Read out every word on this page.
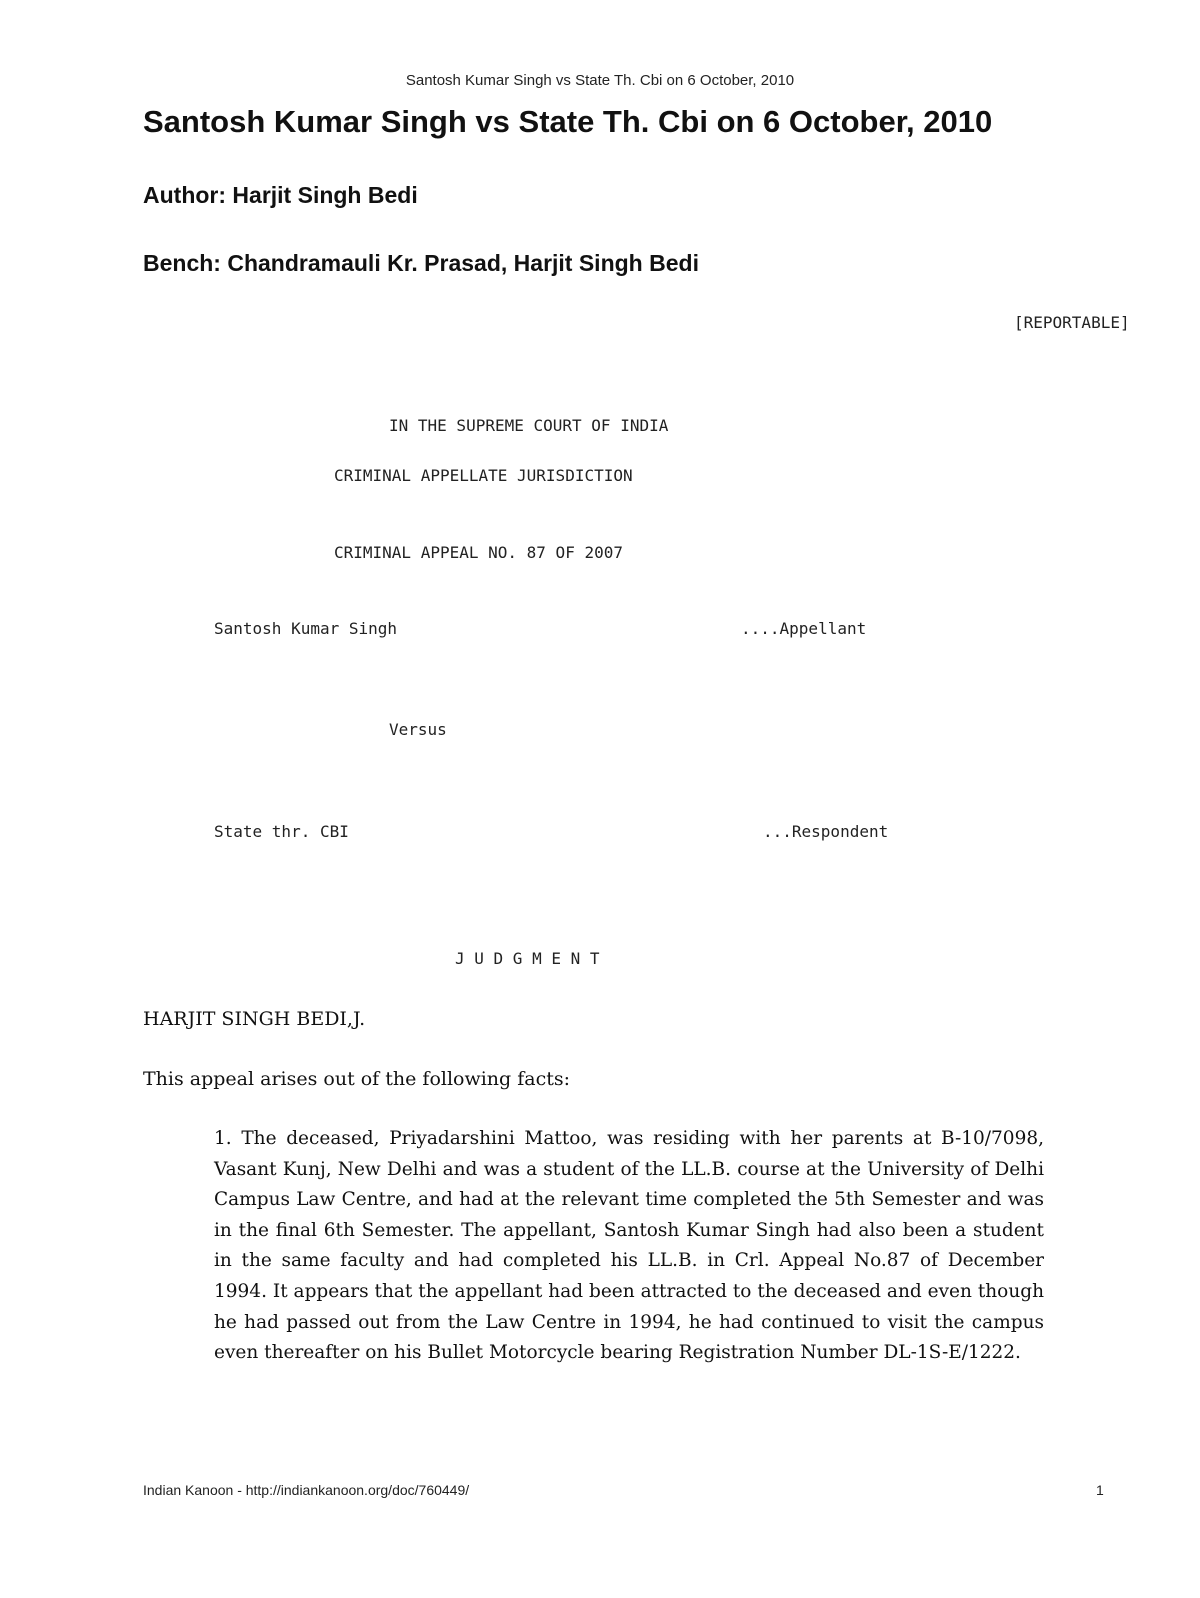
Santosh Kumar Singh vs State Th. Cbi on 6 October, 2010
Santosh Kumar Singh vs State Th. Cbi on 6 October, 2010
Author: Harjit Singh Bedi
Bench: Chandramauli Kr. Prasad, Harjit Singh Bedi
[REPORTABLE]
IN THE SUPREME COURT OF INDIA
CRIMINAL APPELLATE JURISDICTION
CRIMINAL APPEAL NO. 87 OF 2007
Santosh Kumar Singh	....Appellant
Versus
State thr. CBI	...Respondent
J U D G M E N T
HARJIT SINGH BEDI,J.
This appeal arises out of the following facts:
1. The deceased, Priyadarshini Mattoo, was residing with her parents at B-10/7098, Vasant Kunj, New Delhi and was a student of the LL.B. course at the University of Delhi Campus Law Centre, and had at the relevant time completed the 5th Semester and was in the final 6th Semester. The appellant, Santosh Kumar Singh had also been a student in the same faculty and had completed his LL.B. in Crl. Appeal No.87 of December 1994. It appears that the appellant had been attracted to the deceased and even though he had passed out from the Law Centre in 1994, he had continued to visit the campus even thereafter on his Bullet Motorcycle bearing Registration Number DL-1S-E/1222.
Indian Kanoon - http://indiankanoon.org/doc/760449/	1
